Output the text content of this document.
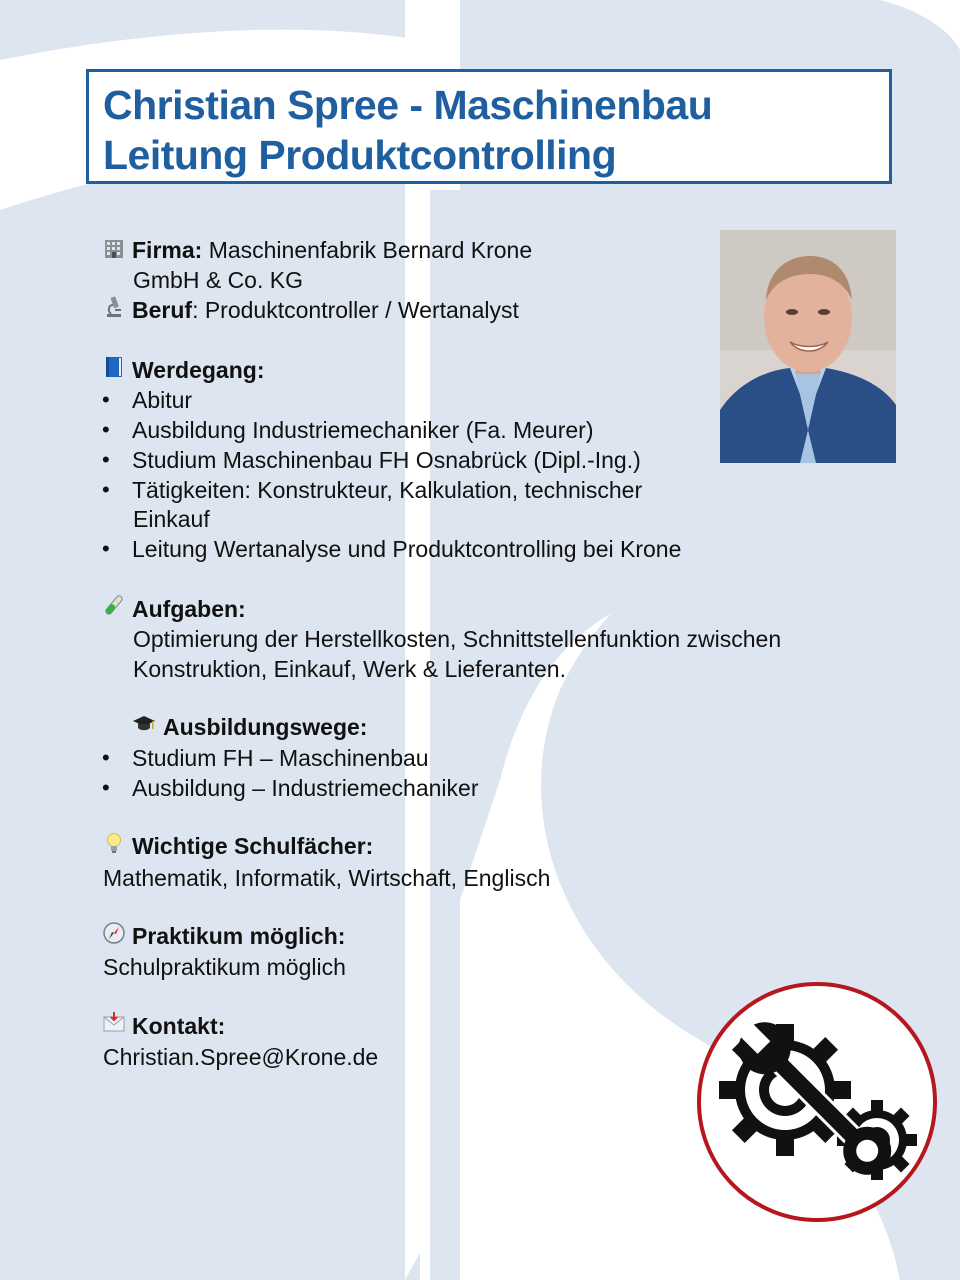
Christian Spree - Maschinenbau
Leitung Produktcontrolling
Firma: Maschinenfabrik Bernard Krone
GmbH & Co. KG
Beruf: Produktcontroller / Wertanalyst
Werdegang:
• Abitur
• Ausbildung Industriemechaniker (Fa. Meurer)
• Studium Maschinenbau FH Osnabrück (Dipl.-Ing.)
• Tätigkeiten: Konstrukteur, Kalkulation, technischer
Einkauf
• Leitung Wertanalyse und Produktcontrolling bei Krone
Aufgaben:
Optimierung der Herstellkosten, Schnittstellenfunktion zwischen
Konstruktion, Einkauf, Werk & Lieferanten.
Ausbildungswege:
• Studium FH – Maschinenbau
• Ausbildung – Industriemechaniker
Wichtige Schulfächer:
Mathematik, Informatik, Wirtschaft, Englisch
Praktikum möglich:
Schulpraktikum möglich
Kontakt:
Christian.Spree@Krone.de
